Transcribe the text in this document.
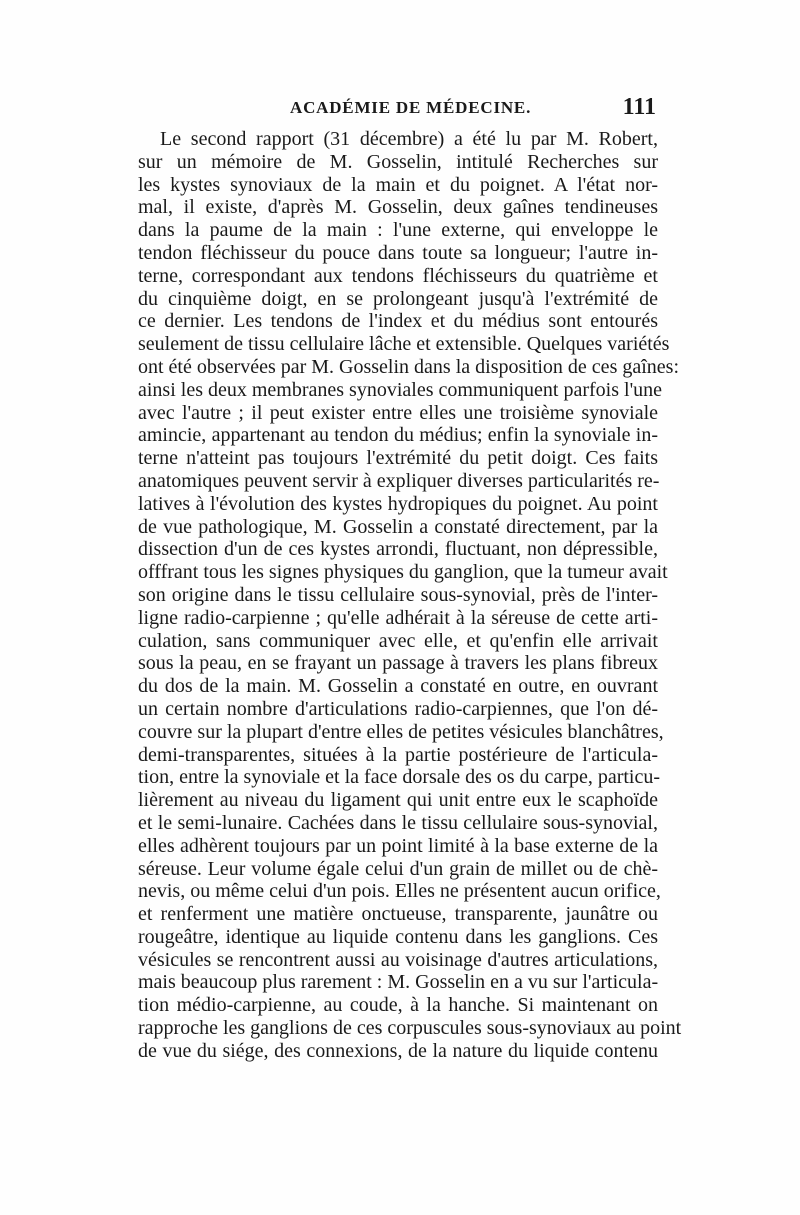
ACADÉMIE DE MÉDECINE.	111
Le second rapport (31 décembre) a été lu par M. Robert,
sur un mémoire de M. Gosselin, intitulé Recherches sur
les kystes synoviaux de la main et du poignet. A l'état nor-
mal, il existe, d'après M. Gosselin, deux gaînes tendineuses
dans la paume de la main : l'une externe, qui enveloppe le
tendon fléchisseur du pouce dans toute sa longueur; l'autre in-
terne, correspondant aux tendons fléchisseurs du quatrième et
du cinquième doigt, en se prolongeant jusqu'à l'extrémité de
ce dernier. Les tendons de l'index et du médius sont entourés
seulement de tissu cellulaire lâche et extensible. Quelques variétés
ont été observées par M. Gosselin dans la disposition de ces gaînes:
ainsi les deux membranes synoviales communiquent parfois l'une
avec l'autre ; il peut exister entre elles une troisième synoviale
amincie, appartenant au tendon du médius; enfin la synoviale in-
terne n'atteint pas toujours l'extrémité du petit doigt. Ces faits
anatomiques peuvent servir à expliquer diverses particularités re-
latives à l'évolution des kystes hydropiques du poignet. Au point
de vue pathologique, M. Gosselin a constaté directement, par la
dissection d'un de ces kystes arrondi, fluctuant, non dépressible,
offfrant tous les signes physiques du ganglion, que la tumeur avait
son origine dans le tissu cellulaire sous-synovial, près de l'inter-
ligne radio-carpienne ; qu'elle adhérait à la séreuse de cette arti-
culation, sans communiquer avec elle, et qu'enfin elle arrivait
sous la peau, en se frayant un passage à travers les plans fibreux
du dos de la main. M. Gosselin a constaté en outre, en ouvrant
un certain nombre d'articulations radio-carpiennes, que l'on dé-
couvre sur la plupart d'entre elles de petites vésicules blanchâtres,
demi-transparentes, situées à la partie postérieure de l'articula-
tion, entre la synoviale et la face dorsale des os du carpe, particu-
lièrement au niveau du ligament qui unit entre eux le scaphoïde
et le semi-lunaire. Cachées dans le tissu cellulaire sous-synovial,
elles adhèrent toujours par un point limité à la base externe de la
séreuse. Leur volume égale celui d'un grain de millet ou de chè-
nevis, ou même celui d'un pois. Elles ne présentent aucun orifice,
et renferment une matière onctueuse, transparente, jaunâtre ou
rougeâtre, identique au liquide contenu dans les ganglions. Ces
vésicules se rencontrent aussi au voisinage d'autres articulations,
mais beaucoup plus rarement : M. Gosselin en a vu sur l'articula-
tion médio-carpienne, au coude, à la hanche. Si maintenant on
rapproche les ganglions de ces corpuscules sous-synoviaux au point
de vue du siége, des connexions, de la nature du liquide contenu
